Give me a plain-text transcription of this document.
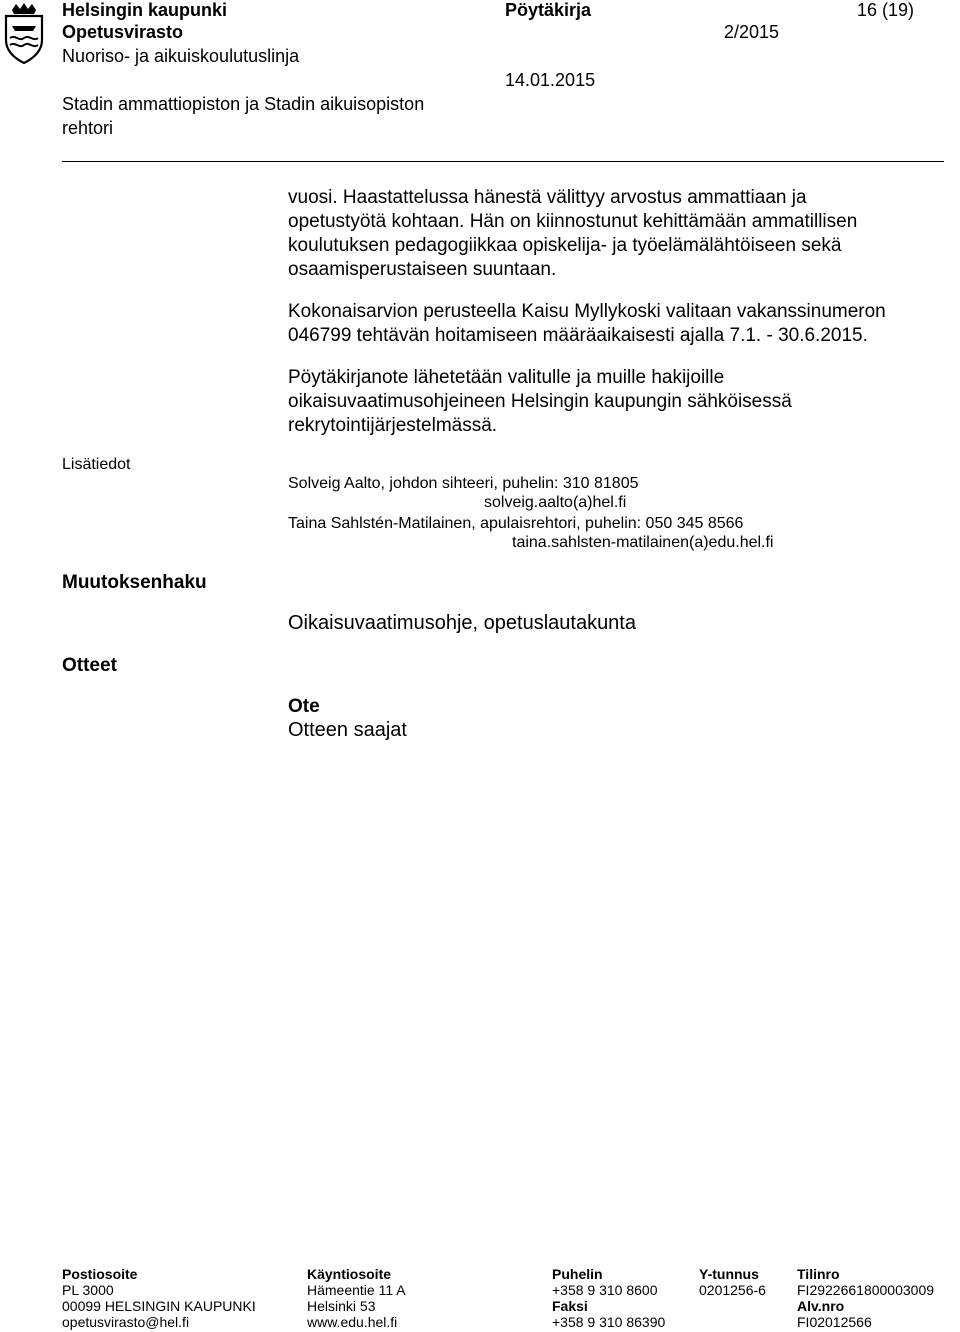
Helsingin kaupunki
Opetusvirasto
Nuoriso- ja aikuiskoulutuslinja
Stadin ammattiopiston ja Stadin aikuisopiston
rehtori
Pöytäkirja
2/2015
14.01.2015
16 (19)
vuosi. Haastattelussa hänestä välittyy arvostus ammattiaan ja
opetustyötä kohtaan. Hän on kiinnostunut kehittämään ammatillisen
koulutuksen pedagogiikkaa opiskelija- ja työelämälähtöiseen sekä
osaamisperustaiseen suuntaan.
Kokonaisarvion perusteella Kaisu Myllykoski valitaan vakanssinumeron
046799 tehtävän hoitamiseen määräaikaisesti ajalla 7.1. - 30.6.2015.
Pöytäkirjanote lähetetään valitulle ja muille hakijoille
oikaisuvaatimusohjeineen Helsingin kaupungin sähköisessä
rekrytointijärjestelmässä.
Lisätiedot
Solveig Aalto, johdon sihteeri, puhelin: 310 81805
solveig.aalto(a)hel.fi
Taina Sahlstén-Matilainen, apulaisrehtori, puhelin: 050 345 8566
taina.sahlsten-matilainen(a)edu.hel.fi
Muutoksenhaku
Oikaisuvaatimusohje, opetuslautakunta
Otteet
Ote
Otteen saajat
Postiosoite
PL 3000
00099 HELSINGIN KAUPUNKI
opetusvirasto@hel.fi
Käyntiosoite
Hämeentie 11 A
Helsinki 53
www.edu.hel.fi
Puhelin
+358 9 310 8600
Faksi
+358 9 310 86390
Y-tunnus
0201256-6
Tilinro
FI2922661800003009
Alv.nro
FI02012566
